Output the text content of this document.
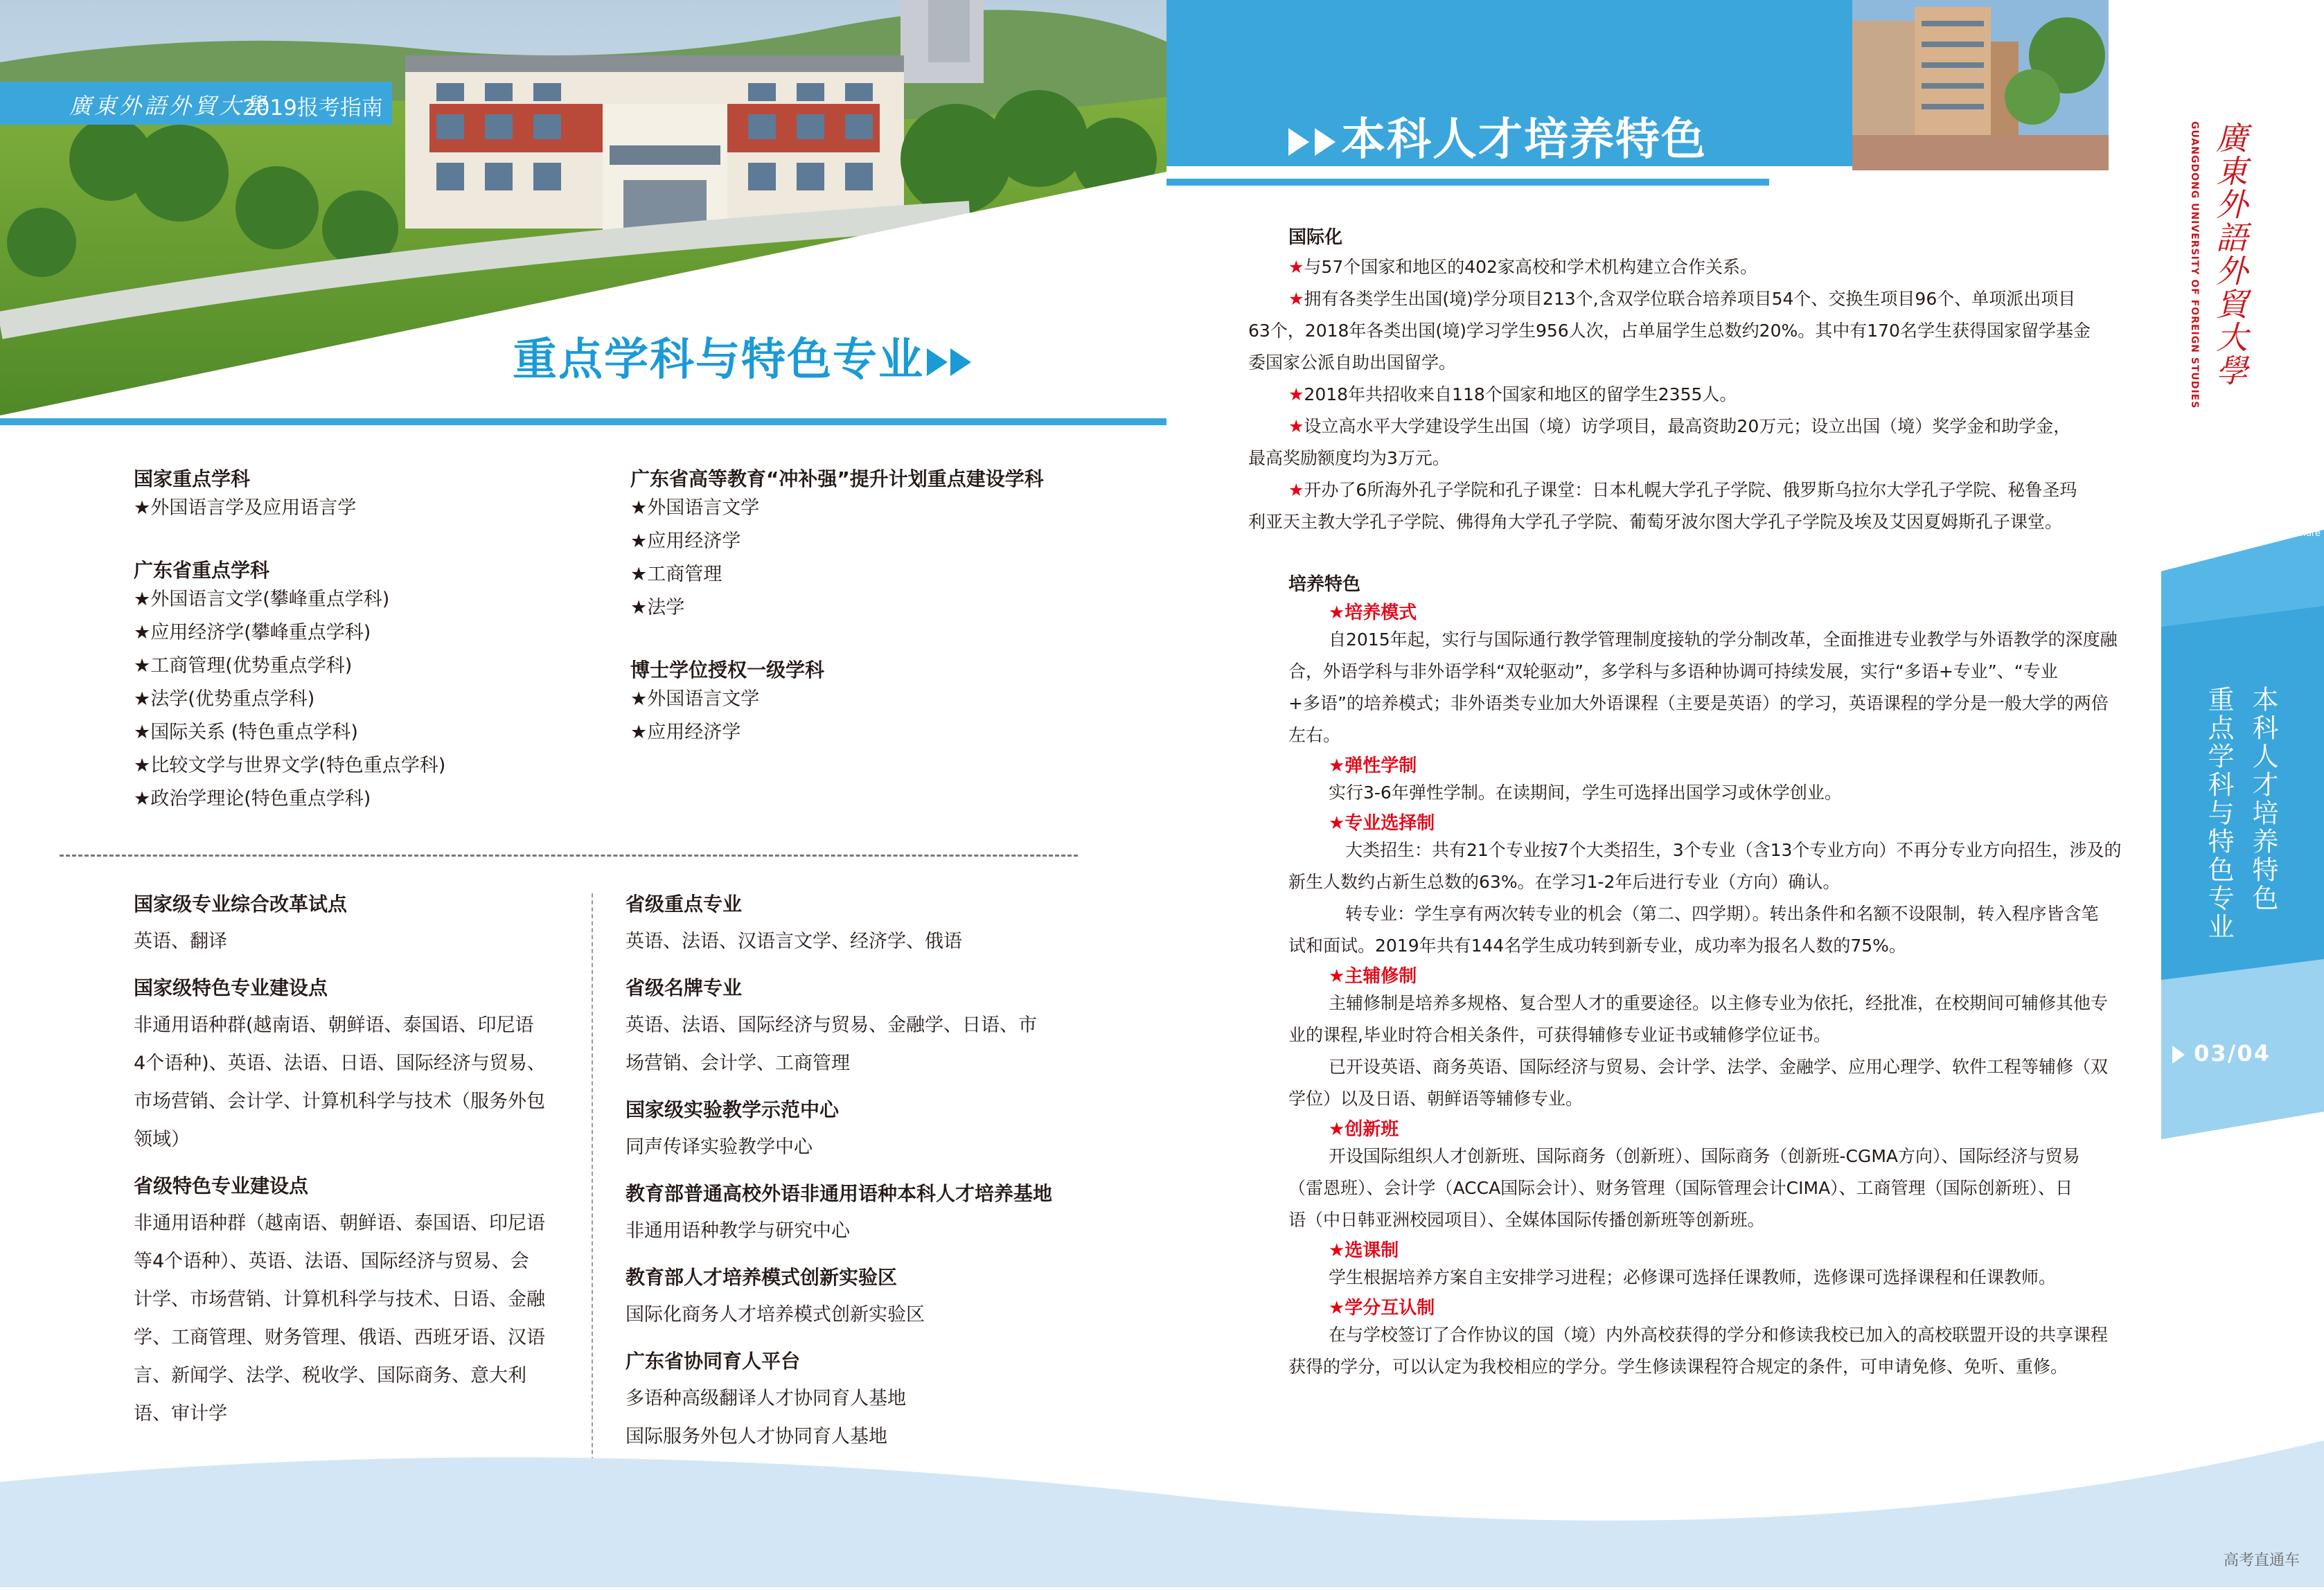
廣東外語外貿大學
2019报考指南
重点学科与特色专业
国家重点学科
★外国语言学及应用语言学
广东省重点学科
★外国语言文学(攀峰重点学科)
★应用经济学(攀峰重点学科)
★工商管理(优势重点学科)
★法学(优势重点学科)
★国际关系 (特色重点学科)
★比较文学与世界文学(特色重点学科)
★政治学理论(特色重点学科)
广东省高等教育“冲补强”提升计划重点建设学科
★外国语言文学
★应用经济学
★工商管理
★法学
博士学位授权一级学科
★外国语言文学
★应用经济学
国家级专业综合改革试点
英语、翻译
国家级特色专业建设点
非通用语种群(越南语、朝鲜语、泰国语、印尼语
4个语种)、英语、法语、日语、国际经济与贸易、
市场营销、会计学、计算机科学与技术（服务外包
领域）
省级特色专业建设点
非通用语种群（越南语、朝鲜语、泰国语、印尼语
等4个语种）、英语、法语、国际经济与贸易、会
计学、市场营销、计算机科学与技术、日语、金融
学、工商管理、财务管理、俄语、西班牙语、汉语
言、新闻学、法学、税收学、国际商务、意大利
语、审计学
省级重点专业
英语、法语、汉语言文学、经济学、俄语
省级名牌专业
英语、法语、国际经济与贸易、金融学、日语、市
场营销、会计学、工商管理
国家级实验教学示范中心
同声传译实验教学中心
教育部普通高校外语非通用语种本科人才培养基地
非通用语种教学与研究中心
教育部人才培养模式创新实验区
国际化商务人才培养模式创新实验区
广东省协同育人平台
多语种高级翻译人才协同育人基地
国际服务外包人才协同育人基地
本科人才培养特色
国际化
★与57个国家和地区的402家高校和学术机构建立合作关系。
★拥有各类学生出国(境)学分项目213个,含双学位联合培养项目54个、交换生项目96个、单项派出项目
63个，2018年各类出国(境)学习学生956人次，占单届学生总数约20%。其中有170名学生获得国家留学基金
委国家公派自助出国留学。
★2018年共招收来自118个国家和地区的留学生2355人。
★设立高水平大学建设学生出国（境）访学项目，最高资助20万元；设立出国（境）奖学金和助学金，
最高奖励额度均为3万元。
★开办了6所海外孔子学院和孔子课堂：日本札幌大学孔子学院、俄罗斯乌拉尔大学孔子学院、秘鲁圣玛
利亚天主教大学孔子学院、佛得角大学孔子学院、葡萄牙波尔图大学孔子学院及埃及艾因夏姆斯孔子课堂。
培养特色
★培养模式
自2015年起，实行与国际通行教学管理制度接轨的学分制改革，全面推进专业教学与外语教学的深度融
合，外语学科与非外语学科“双轮驱动”，多学科与多语种协调可持续发展，实行“多语+专业”、“专业
+多语”的培养模式；非外语类专业加大外语课程（主要是英语）的学习，英语课程的学分是一般大学的两倍
左右。
★弹性学制
实行3-6年弹性学制。在读期间，学生可选择出国学习或休学创业。
★专业选择制
大类招生：共有21个专业按7个大类招生，3个专业（含13个专业方向）不再分专业方向招生，涉及的
新生人数约占新生总数的63%。在学习1-2年后进行专业（方向）确认。
转专业：学生享有两次转专业的机会（第二、四学期）。转出条件和名额不设限制，转入程序皆含笔
试和面试。2019年共有144名学生成功转到新专业，成功率为报名人数的75%。
★主辅修制
主辅修制是培养多规格、复合型人才的重要途径。以主修专业为依托，经批准，在校期间可辅修其他专
业的课程,毕业时符合相关条件，可获得辅修专业证书或辅修学位证书。
已开设英语、商务英语、国际经济与贸易、会计学、法学、金融学、应用心理学、软件工程等辅修（双
学位）以及日语、朝鲜语等辅修专业。
★创新班
开设国际组织人才创新班、国际商务（创新班）、国际商务（创新班-CGMA方向）、国际经济与贸易
（雷恩班）、会计学（ACCA国际会计）、财务管理（国际管理会计CIMA）、工商管理（国际创新班）、日
语（中日韩亚洲校园项目）、全媒体国际传播创新班等创新班。
★选课制
学生根据培养方案自主安排学习进程；必修课可选择任课教师，选修课可选择课程和任课教师。
★学分互认制
在与学校签订了合作协议的国（境）内外高校获得的学分和修读我校已加入的高校联盟开设的共享课程
获得的学分，可以认定为我校相应的学分。学生修读课程符合规定的条件，可申请免修、免听、重修。
廣東外語外貿大學
GUANGDONG UNIVERSITY OF FOREIGN STUDIES
2019
GDUFS
Undergraduate
Admission Brochure
本科人才培养特色
重点学科与特色专业
03/04
高考直通车
